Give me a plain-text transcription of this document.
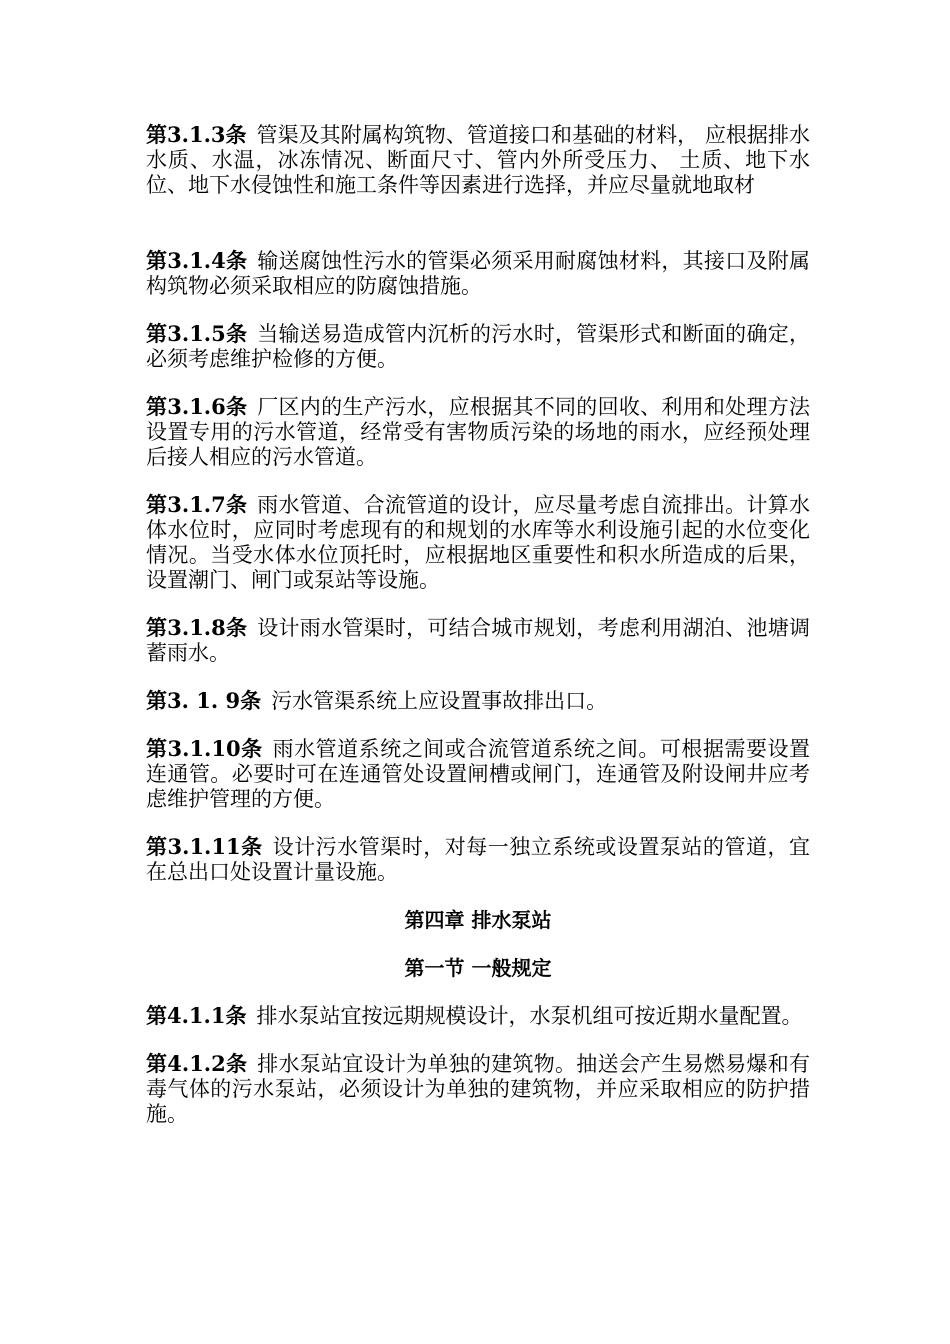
第3.1.3条 管渠及其附属构筑物、管道接口和基础的材料， 应根据排水水质、水温，冰冻情况、断面尺寸、管内外所受压力、 土质、地下水位、地下水侵蚀性和施工条件等因素进行选择，并应尽量就地取材

第3.1.4条 输送腐蚀性污水的管渠必须采用耐腐蚀材料，其接口及附属构筑物必须采取相应的防腐蚀措施。

第3.1.5条 当输送易造成管内沉析的污水时，管渠形式和断面的确定，必须考虑维护检修的方便。

第3.1.6条 厂区内的生产污水，应根据其不同的回收、利用和处理方法设置专用的污水管道，经常受有害物质污染的场地的雨水，应经预处理后接人相应的污水管道。

第3.1.7条 雨水管道、合流管道的设计，应尽量考虑自流排出。计算水体水位时，应同时考虑现有的和规划的水库等水利设施引起的水位变化情况。当受水体水位顶托时，应根据地区重要性和积水所造成的后果， 设置潮门、闸门或泵站等设施。

第3.1.8条 设计雨水管渠时，可结合城市规划，考虑利用湖泊、池塘调蓄雨水。

第3. 1. 9条 污水管渠系统上应设置事故排出口。

第3.1.10条 雨水管道系统之间或合流管道系统之间。可根据需要设置连通管。必要时可在连通管处设置闸槽或闸门，连通管及附设闸井应考虑维护管理的方便。

第3.1.11条 设计污水管渠时，对每一独立系统或设置泵站的管道，宜在总出口处设置计量设施。

第四章 排水泵站

第一节 一般规定

第4.1.1条 排水泵站宜按远期规模设计，水泵机组可按近期水量配置。

第4.1.2条 排水泵站宜设计为单独的建筑物。抽送会产生易燃易爆和有毒气体的污水泵站，必须设计为单独的建筑物，并应采取相应的防护措施。
